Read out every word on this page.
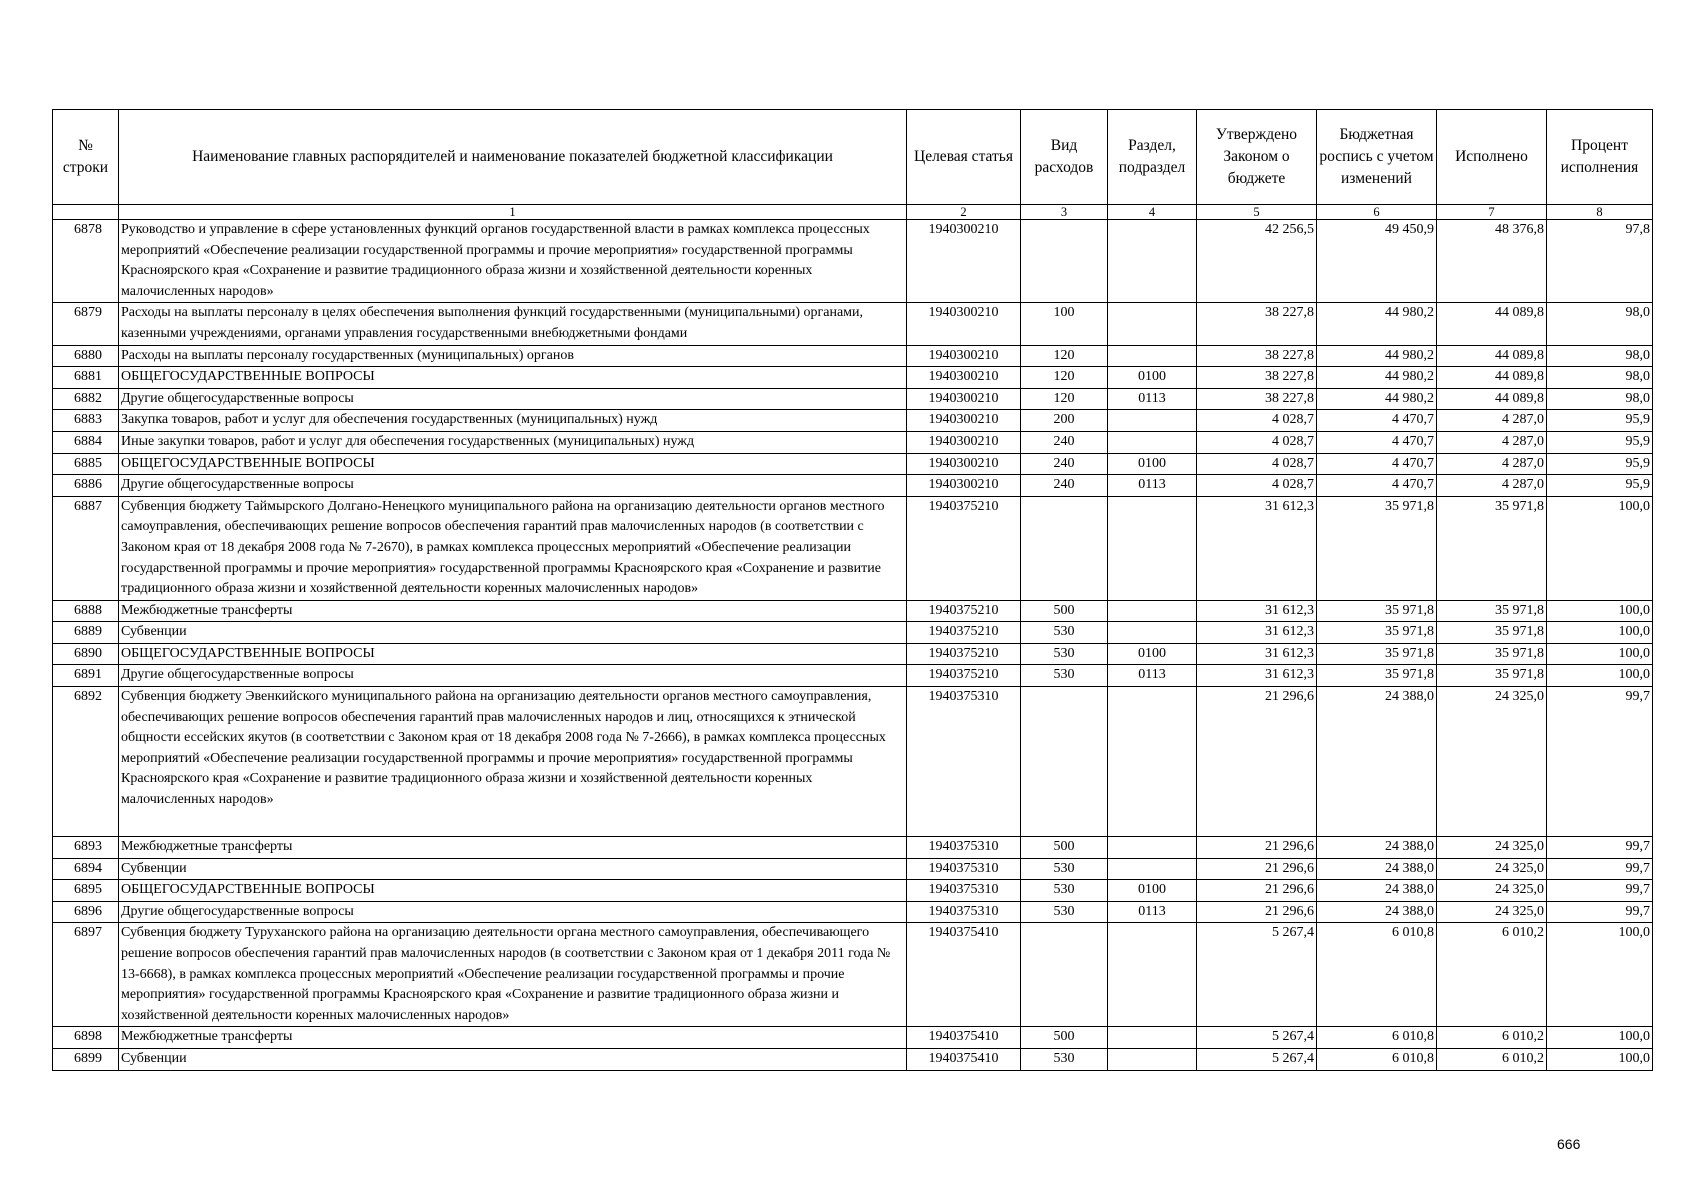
№ строки	Наименование главных распорядителей и наименование показателей бюджетной классификации	Целевая статья	Вид расходов	Раздел, подраздел	Утверждено Законом о бюджете	Бюджетная роспись с учетом изменений	Исполнено	Процент исполнения
	1	2	3	4	5	6	7	8
6878	Руководство и управление в сфере установленных функций органов государственной власти в рамках комплекса процессных мероприятий «Обеспечение реализации государственной программы и прочие мероприятия» государственной программы Красноярского края «Сохранение и развитие традиционного образа жизни и хозяйственной деятельности коренных малочисленных народов»	1940300210			42 256,5	49 450,9	48 376,8	97,8
6879	Расходы на выплаты персоналу в целях обеспечения выполнения функций государственными (муниципальными) органами, казенными учреждениями, органами управления государственными внебюджетными фондами	1940300210	100		38 227,8	44 980,2	44 089,8	98,0
6880	Расходы на выплаты персоналу государственных (муниципальных) органов	1940300210	120		38 227,8	44 980,2	44 089,8	98,0
6881	ОБЩЕГОСУДАРСТВЕННЫЕ ВОПРОСЫ	1940300210	120	0100	38 227,8	44 980,2	44 089,8	98,0
6882	Другие общегосударственные вопросы	1940300210	120	0113	38 227,8	44 980,2	44 089,8	98,0
6883	Закупка товаров, работ и услуг для обеспечения государственных (муниципальных) нужд	1940300210	200		4 028,7	4 470,7	4 287,0	95,9
6884	Иные закупки товаров, работ и услуг для обеспечения государственных (муниципальных) нужд	1940300210	240		4 028,7	4 470,7	4 287,0	95,9
6885	ОБЩЕГОСУДАРСТВЕННЫЕ ВОПРОСЫ	1940300210	240	0100	4 028,7	4 470,7	4 287,0	95,9
6886	Другие общегосударственные вопросы	1940300210	240	0113	4 028,7	4 470,7	4 287,0	95,9
6887	Субвенция бюджету Таймырского Долгано-Ненецкого муниципального района на организацию деятельности органов местного самоуправления, обеспечивающих решение вопросов обеспечения гарантий прав малочисленных народов (в соответствии с Законом края от 18 декабря 2008 года № 7-2670), в рамках комплекса процессных мероприятий «Обеспечение реализации государственной программы и прочие мероприятия» государственной программы Красноярского края «Сохранение и развитие традиционного образа жизни и хозяйственной деятельности коренных малочисленных народов»	1940375210			31 612,3	35 971,8	35 971,8	100,0
6888	Межбюджетные трансферты	1940375210	500		31 612,3	35 971,8	35 971,8	100,0
6889	Субвенции	1940375210	530		31 612,3	35 971,8	35 971,8	100,0
6890	ОБЩЕГОСУДАРСТВЕННЫЕ ВОПРОСЫ	1940375210	530	0100	31 612,3	35 971,8	35 971,8	100,0
6891	Другие общегосударственные вопросы	1940375210	530	0113	31 612,3	35 971,8	35 971,8	100,0
6892	Субвенция бюджету Эвенкийского муниципального района на организацию деятельности органов местного самоуправления, обеспечивающих решение вопросов обеспечения гарантий прав малочисленных народов и лиц, относящихся к этнической общности ессейских якутов (в соответствии с Законом края от 18 декабря 2008 года № 7-2666), в рамках комплекса процессных мероприятий «Обеспечение реализации государственной программы и прочие мероприятия» государственной программы Красноярского края «Сохранение и развитие традиционного образа жизни и хозяйственной деятельности коренных малочисленных народов»	1940375310			21 296,6	24 388,0	24 325,0	99,7
6893	Межбюджетные трансферты	1940375310	500		21 296,6	24 388,0	24 325,0	99,7
6894	Субвенции	1940375310	530		21 296,6	24 388,0	24 325,0	99,7
6895	ОБЩЕГОСУДАРСТВЕННЫЕ ВОПРОСЫ	1940375310	530	0100	21 296,6	24 388,0	24 325,0	99,7
6896	Другие общегосударственные вопросы	1940375310	530	0113	21 296,6	24 388,0	24 325,0	99,7
6897	Субвенция бюджету Туруханского района на организацию деятельности органа местного самоуправления, обеспечивающего решение вопросов обеспечения гарантий прав малочисленных народов (в соответствии с Законом края от 1 декабря 2011 года № 13-6668), в рамках комплекса процессных мероприятий «Обеспечение реализации государственной программы и прочие мероприятия» государственной программы Красноярского края «Сохранение и развитие традиционного образа жизни и хозяйственной деятельности коренных малочисленных народов»	1940375410			5 267,4	6 010,8	6 010,2	100,0
6898	Межбюджетные трансферты	1940375410	500		5 267,4	6 010,8	6 010,2	100,0
6899	Субвенции	1940375410	530		5 267,4	6 010,8	6 010,2	100,0
666
